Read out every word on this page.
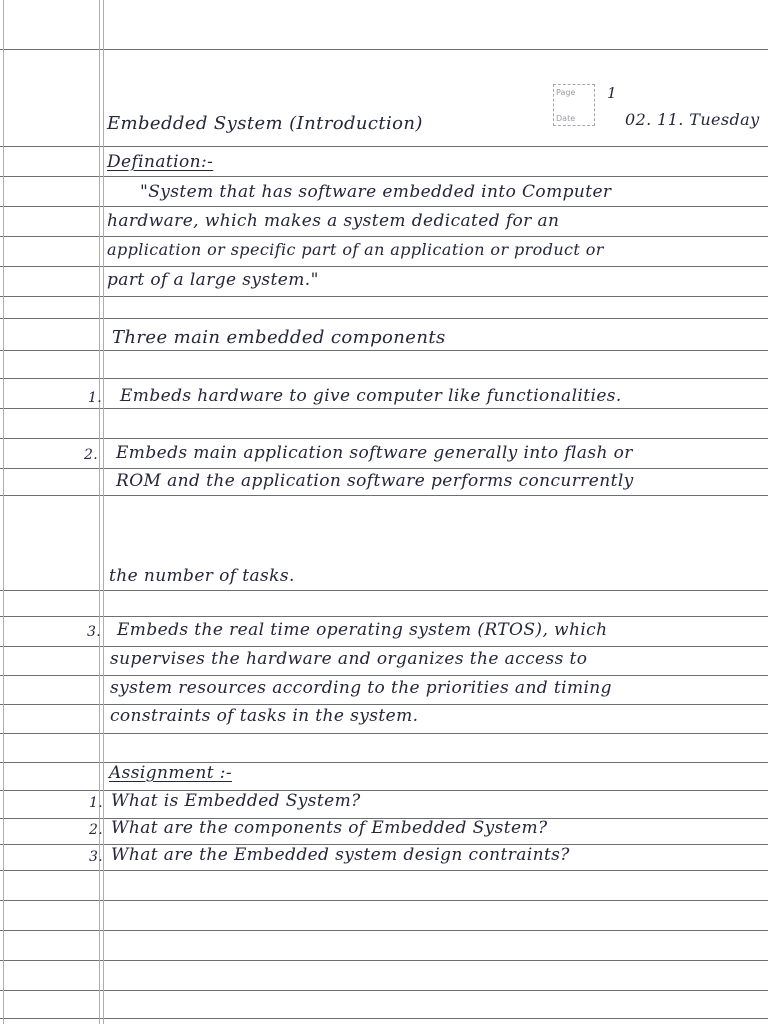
Page
Date
1
02. 11. Tuesday
Embedded System (Introduction)
Defination:-
"System that has software embedded into Computer
hardware, which makes a system dedicated for an
application or specific part of an application or product or
part of a large system."
Three main embedded components
1. Embeds hardware to give computer like functionalities.
2. Embeds main application software generally into flash or
ROM and the application software performs concurrently
the number of tasks.
3. Embeds the real time operating system (RTOS), which
supervises the hardware and organizes the access to
system resources according to the priorities and timing
constraints of tasks in the system.
Assignment :-
1. What is Embedded System?
2. What are the components of Embedded System?
3. What are the Embedded system design contraints?
